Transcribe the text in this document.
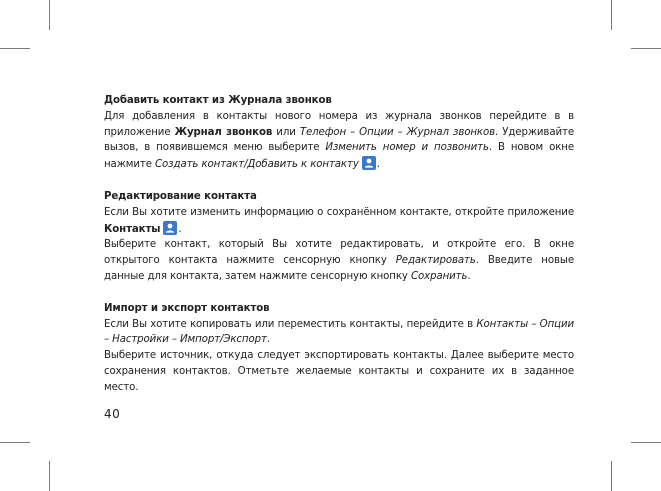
Добавить контакт из Журнала звонков

Для добавления в контакты нового номера из журнала звонков перейдите в в приложение Журнал звонков или Телефон – Опции – Журнал звонков. Удерживайте вызов, в появившемся меню выберите Изменить номер и позвонить. В новом окне нажмите Создать контакт/Добавить к контакту .

Редактирование контакта

Если Вы хотите изменить информацию о сохранённом контакте, откройте приложение Контакты .

Выберите контакт, который Вы хотите редактировать, и откройте его. В окне открытого контакта нажмите сенсорную кнопку Редактировать. Введите новые данные для контакта, затем нажмите сенсорную кнопку Сохранить.

Импорт и экспорт контактов

Если Вы хотите копировать или переместить контакты, перейдите в Контакты – Опции – Настройки – Импорт/Экспорт.

Выберите источник, откуда следует экспортировать контакты. Далее выберите место сохранения контактов. Отметьте желаемые контакты и сохраните их в заданное место.

40
